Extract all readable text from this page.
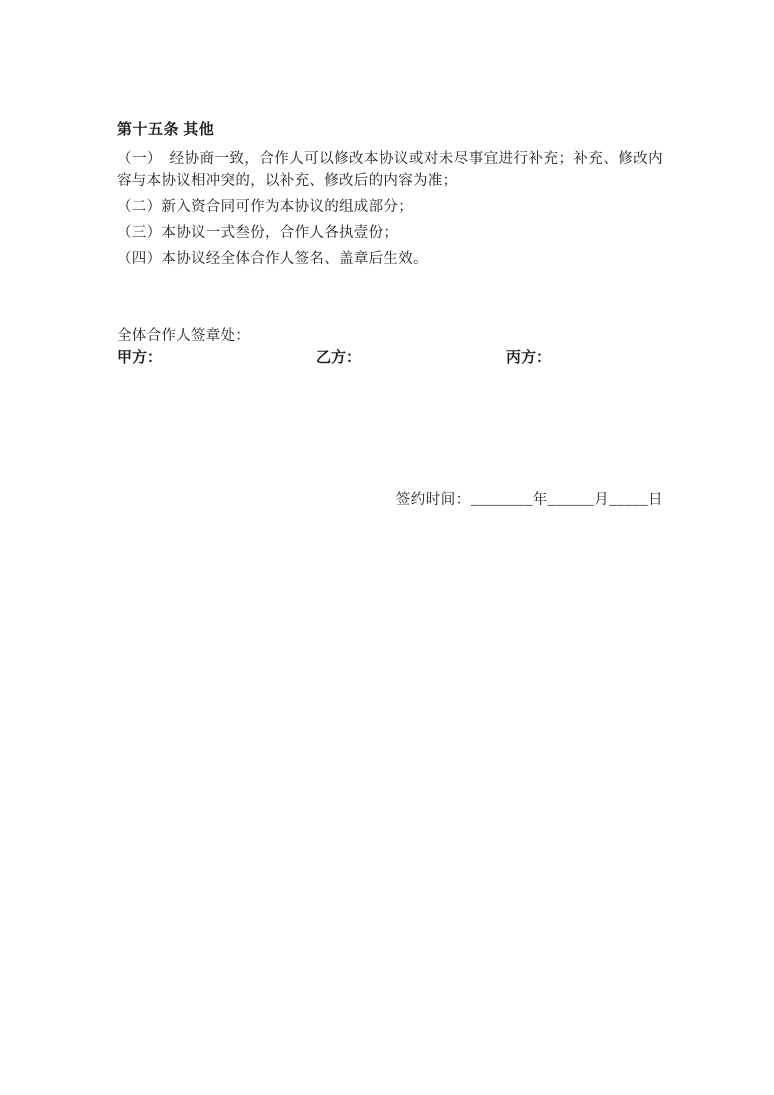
第十五条 其他

（一）　经协商一致，合作人可以修改本协议或对未尽事宜进行补充；补充、修改内容与本协议相冲突的，以补充、修改后的内容为准；

（二）新入资合同可作为本协议的组成部分；

（三）本协议一式叁份，合作人各执壹份；

（四）本协议经全体合作人签名、盖章后生效。

全体合作人签章处：

甲方：	乙方：	丙方：

签约时间：________年______月_____日
